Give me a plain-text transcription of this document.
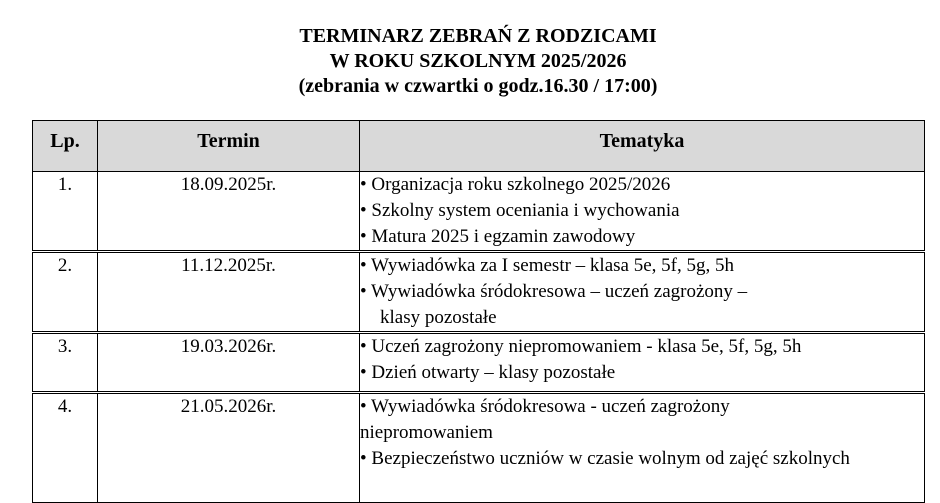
TERMINARZ ZEBRAŃ Z RODZICAMI
W ROKU SZKOLNYM 2025/2026
(zebrania w czwartki o godz.16.30 / 17:00)
Lp.	Termin	Tematyka
1.	18.09.2025r.	• Organizacja roku szkolnego 2025/2026
• Szkolny system oceniania i wychowania
• Matura 2025 i egzamin zawodowy

2.	11.12.2025r.	• Wywiadówka za I semestr – klasa 5e, 5f, 5g, 5h
• Wywiadówka śródokresowa – uczeń zagrożony –
klasy pozostałe

3.	19.03.2026r.	• Uczeń zagrożony niepromowaniem - klasa 5e, 5f, 5g, 5h
• Dzień otwarty – klasy pozostałe

4.	21.05.2026r.	• Wywiadówka śródokresowa - uczeń zagrożony niepromowaniem
• Bezpieczeństwo uczniów w czasie wolnym od zajęć szkolnych
